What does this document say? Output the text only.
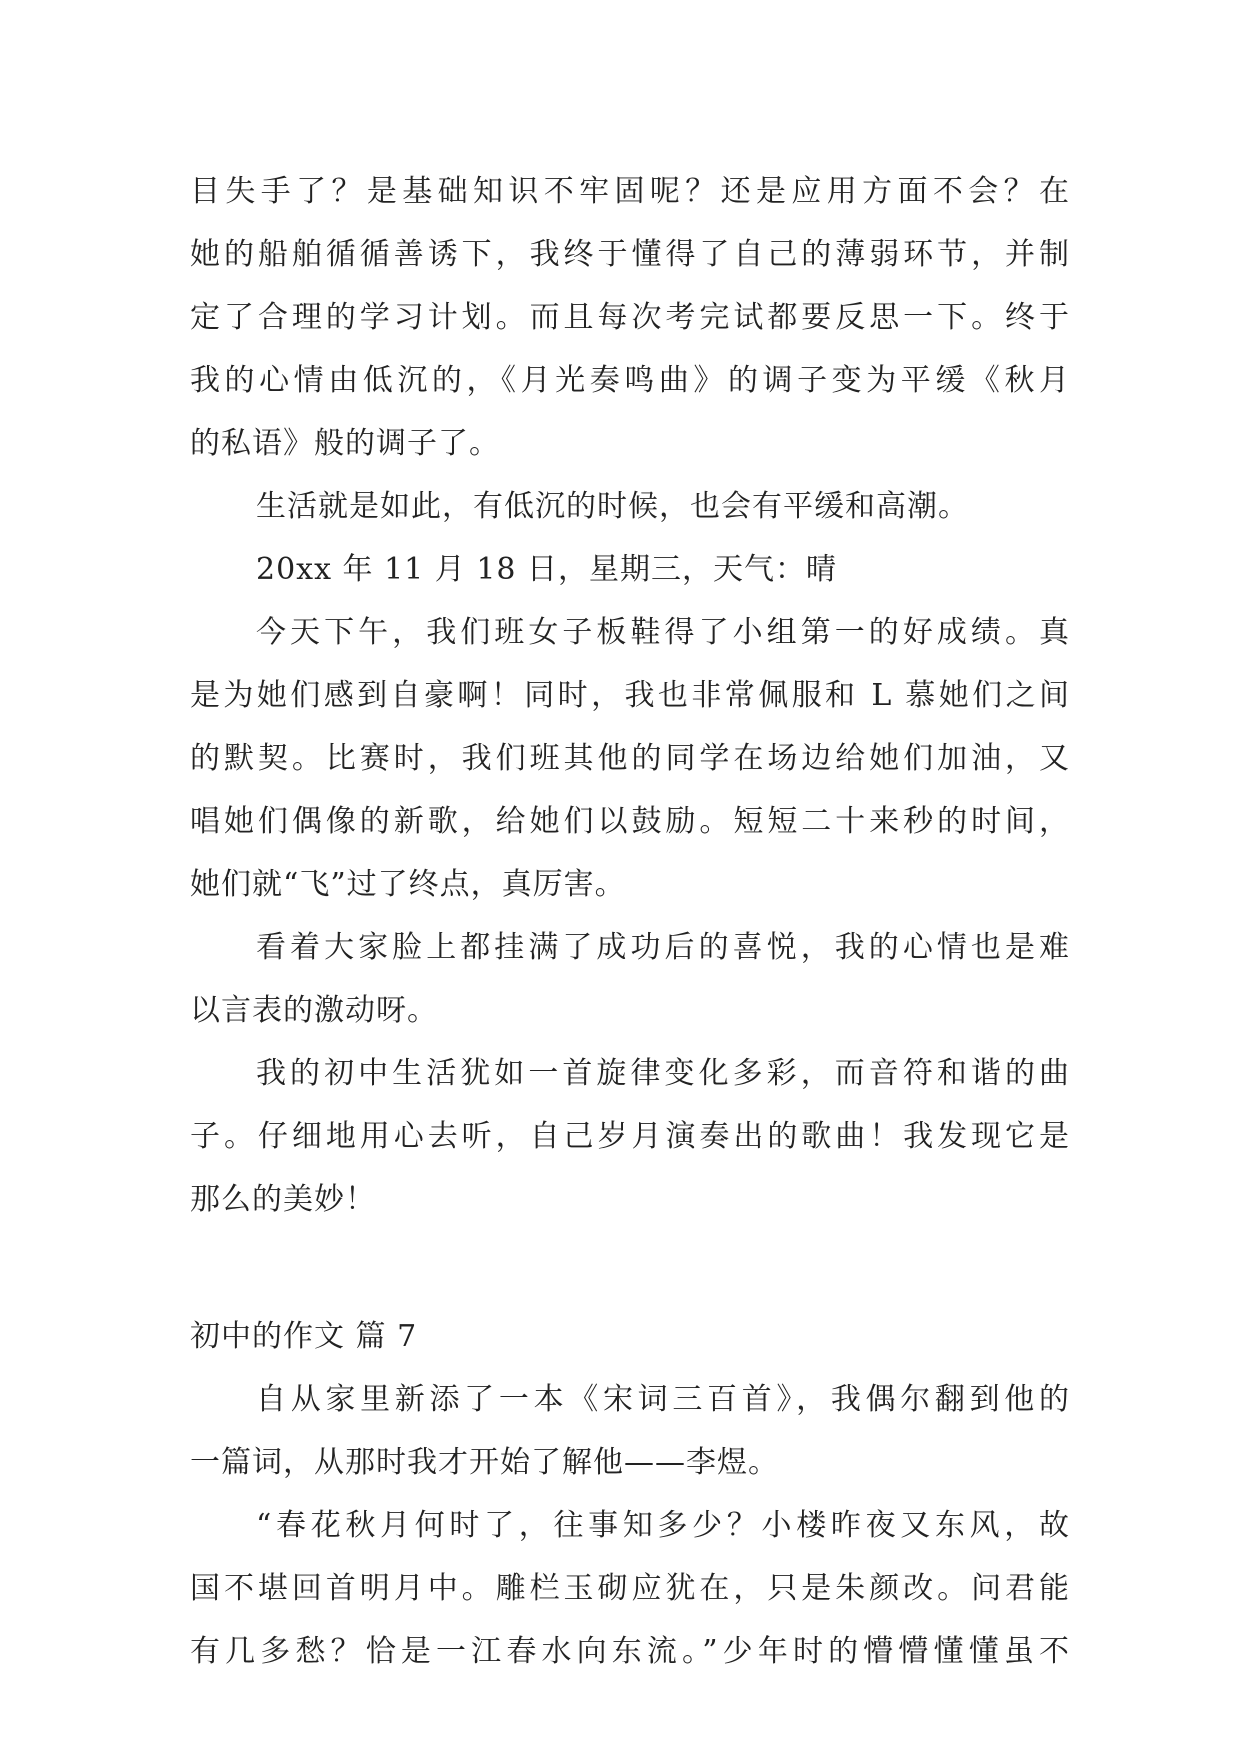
目失手了？是基础知识不牢固呢？还是应用方面不会？在
她的船舶循循善诱下，我终于懂得了自己的薄弱环节，并制
定了合理的学习计划。而且每次考完试都要反思一下。终于
我的心情由低沉的，《月光奏鸣曲》的调子变为平缓《秋月
的私语》般的调子了。
生活就是如此，有低沉的时候，也会有平缓和高潮。
20xx 年 11 月 18 日，星期三，天气：晴
今天下午，我们班女子板鞋得了小组第一的好成绩。真
是为她们感到自豪啊！同时，我也非常佩服和 L 慕她们之间
的默契。比赛时，我们班其他的同学在场边给她们加油，又
唱她们偶像的新歌，给她们以鼓励。短短二十来秒的时间，
她们就“飞”过了终点，真厉害。
看着大家脸上都挂满了成功后的喜悦，我的心情也是难
以言表的激动呀。
我的初中生活犹如一首旋律变化多彩，而音符和谐的曲
子。仔细地用心去听，自己岁月演奏出的歌曲！我发现它是
那么的美妙！
初中的作文 篇 7
自从家里新添了一本《宋词三百首》，我偶尔翻到他的
一篇词，从那时我才开始了解他——李煜。
“春花秋月何时了，往事知多少？小楼昨夜又东风，故
国不堪回首明月中。雕栏玉砌应犹在，只是朱颜改。问君能
有几多愁？恰是一江春水向东流。”少年时的懵懵懂懂虽不
